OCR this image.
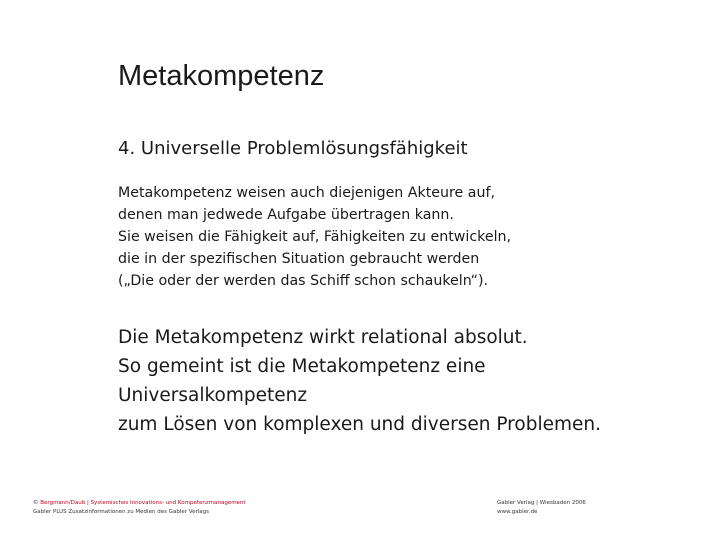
Metakompetenz
4. Universelle Problemlösungsfähigkeit
Metakompetenz weisen auch diejenigen Akteure auf,
denen man jedwede Aufgabe übertragen kann.
Sie weisen die Fähigkeit auf, Fähigkeiten zu entwickeln,
die in der spezifischen Situation gebraucht werden
(„Die oder der werden das Schiff schon schaukeln“).
Die Metakompetenz wirkt relational absolut.
So gemeint ist die Metakompetenz eine
Universalkompetenz
zum Lösen von komplexen und diversen Problemen.
© Bergmann/Daub | Systemisches Innovations- und Kompetenzmanagement
Gabler PLUS Zusatzinformationen zu Medien des Gabler Verlags
Gabler Verlag | Wiesbaden 2006
www.gabler.de
